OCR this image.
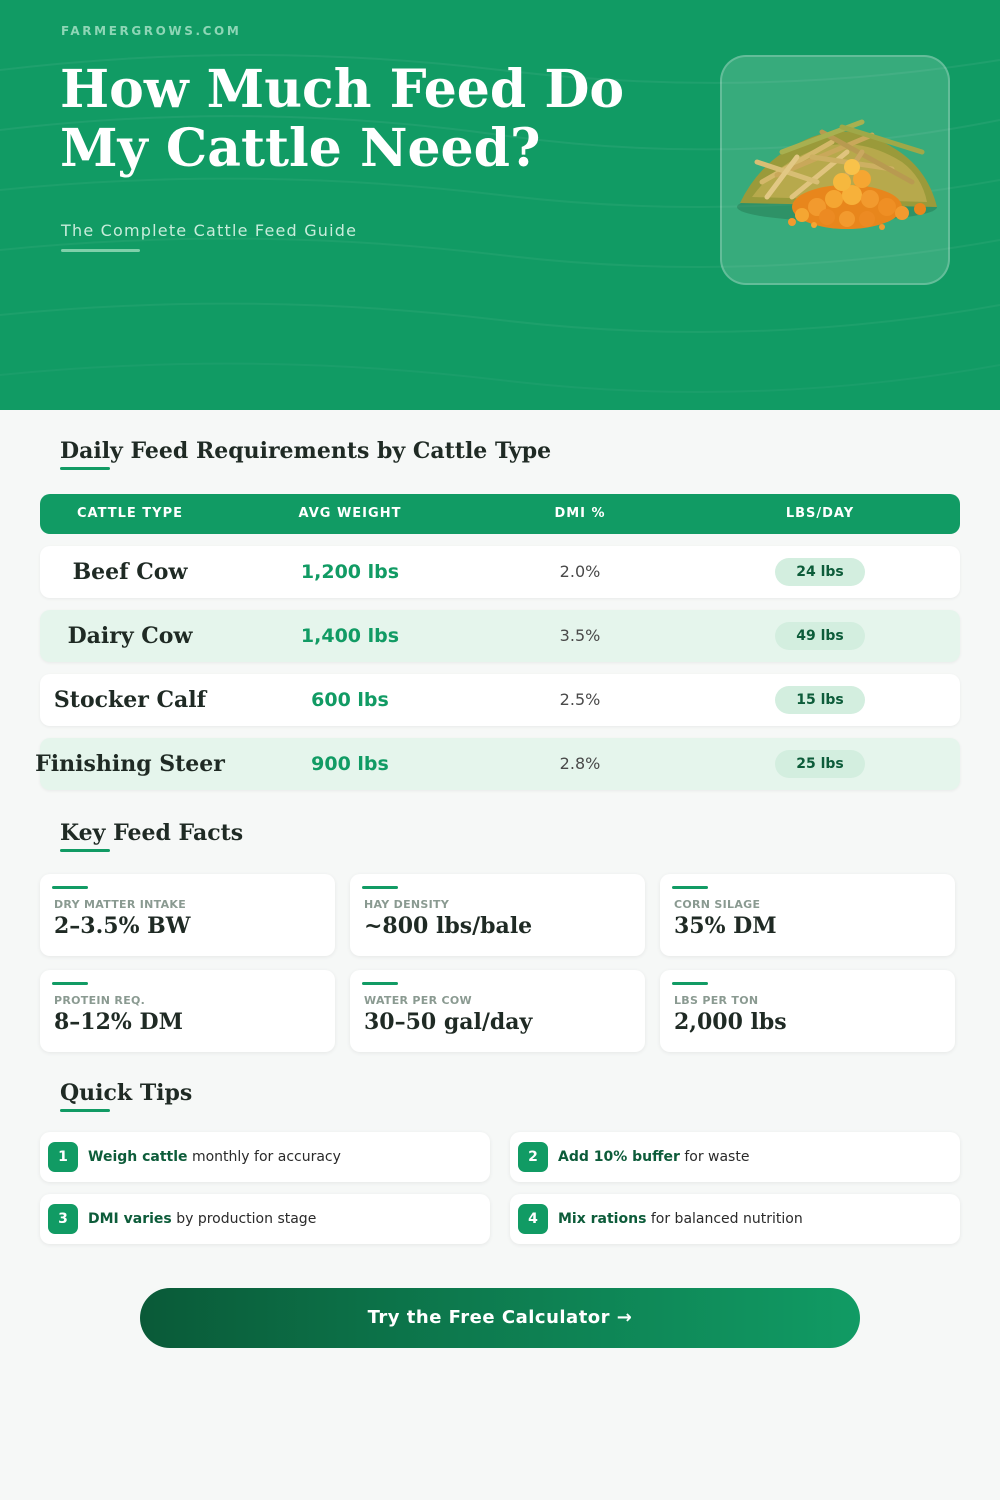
FARMERGROWS.COM
How Much Feed Do My Cattle Need?
The Complete Cattle Feed Guide
Daily Feed Requirements by Cattle Type
CATTLE TYPE	AVG WEIGHT	DMI %	LBS/DAY
Beef Cow	1,200 lbs	2.0%	24 lbs
Dairy Cow	1,400 lbs	3.5%	49 lbs
Stocker Calf	600 lbs	2.5%	15 lbs
Finishing Steer	900 lbs	2.8%	25 lbs
Key Feed Facts
DRY MATTER INTAKE
2–3.5% BW
HAY DENSITY
~800 lbs/bale
CORN SILAGE
35% DM
PROTEIN REQ.
8–12% DM
WATER PER COW
30–50 gal/day
LBS PER TON
2,000 lbs
Quick Tips
1	Weigh cattle monthly for accuracy	2	Add 10% buffer for waste
3	DMI varies by production stage	4	Mix rations for balanced nutrition
Try the Free Calculator →
